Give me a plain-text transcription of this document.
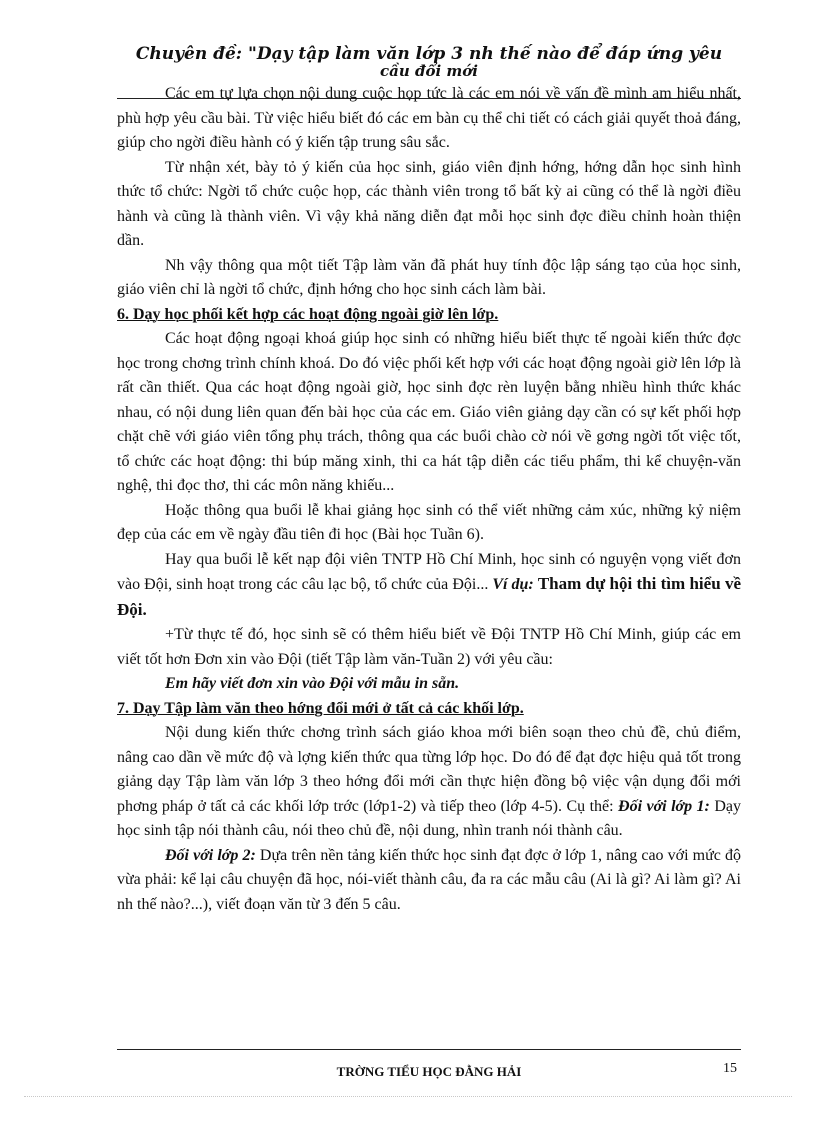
Chuyên đề: "Dạy tập làm văn lớp 3 nh thế nào để đáp ứng yêu
cầu đổi mới

Các em tự lựa chọn nội dung cuộc họp tức là các em nói về vấn đề mình am hiểu nhất, phù hợp yêu cầu bài. Từ việc hiểu biết đó các em bàn cụ thể chi tiết có cách giải quyết thoả đáng, giúp cho ngời điều hành có ý kiến tập trung sâu sắc.

Từ nhận xét, bày tỏ ý kiến của học sinh, giáo viên định hớng, hớng dẫn học sinh hình thức tổ chức: Ngời tổ chức cuộc họp, các thành viên trong tổ bất kỳ ai cũng có thể là ngời điều hành và cũng là thành viên. Vì vậy khả năng diễn đạt mỗi học sinh đợc điều chỉnh hoàn thiện dần.

Nh vậy thông qua một tiết Tập làm văn đã phát huy tính độc lập sáng tạo của học sinh, giáo viên chỉ là ngời tổ chức, định hớng cho học sinh cách làm bài.

6. Dạy học phối kết hợp các hoạt động ngoài giờ lên lớp.

Các hoạt động ngoại khoá giúp học sinh có những hiểu biết thực tế ngoài kiến thức đợc học trong chơng trình chính khoá. Do đó việc phối kết hợp với các hoạt động ngoài giờ lên lớp là rất cần thiết. Qua các hoạt động ngoài giờ, học sinh đợc rèn luyện bằng nhiều hình thức khác nhau, có nội dung liên quan đến bài học của các em. Giáo viên giảng dạy cần có sự kết phối hợp chặt chẽ với giáo viên tổng phụ trách, thông qua các buổi chào cờ nói về gơng ngời tốt việc tốt, tổ chức các hoạt động: thi búp măng xinh, thi ca hát tập diễn các tiểu phẩm, thi kể chuyện-văn nghệ, thi đọc thơ, thi các môn năng khiếu...

Hoặc thông qua buổi lễ khai giảng học sinh có thể viết những cảm xúc, những kỷ niệm đẹp của các em về ngày đầu tiên đi học (Bài học Tuần 6).

Hay qua buổi lễ kết nạp đội viên TNTP Hồ Chí Minh, học sinh có nguyện vọng viết đơn vào Đội, sinh hoạt trong các câu lạc bộ, tổ chức của Đội... Ví dụ: Tham dự hội thi tìm hiểu về Đội.

+Từ thực tế đó, học sinh sẽ có thêm hiểu biết về Đội TNTP Hồ Chí Minh, giúp các em viết tốt hơn Đơn xin vào Đội (tiết Tập làm văn-Tuần 2) với yêu cầu:

Em hãy viết đơn xin vào Đội với mẫu in sẵn.

7. Dạy Tập làm văn theo hớng đổi mới ở tất cả các khối lớp.

Nội dung kiến thức chơng trình sách giáo khoa mới biên soạn theo chủ đề, chủ điểm, nâng cao dần về mức độ và lợng kiến thức qua từng lớp học. Do đó để đạt đợc hiệu quả tốt trong giảng dạy Tập làm văn lớp 3 theo hớng đổi mới cần thực hiện đồng bộ việc vận dụng đổi mới phơng pháp ở tất cả các khối lớp trớc (lớp1-2) và tiếp theo (lớp 4-5). Cụ thể: Đối với lớp 1: Dạy học sinh tập nói thành câu, nói theo chủ đề, nội dung, nhìn tranh nói thành câu.

Đối với lớp 2: Dựa trên nền tảng kiến thức học sinh đạt đợc ở lớp 1, nâng cao với mức độ vừa phải: kể lại câu chuyện đã học, nói-viết thành câu, đa ra các mẫu câu (Ai là gì? Ai làm gì? Ai nh thế nào?...), viết đoạn văn từ 3 đến 5 câu.

TRỜNG TIỂU HỌC ĐẰNG HẢI	15
